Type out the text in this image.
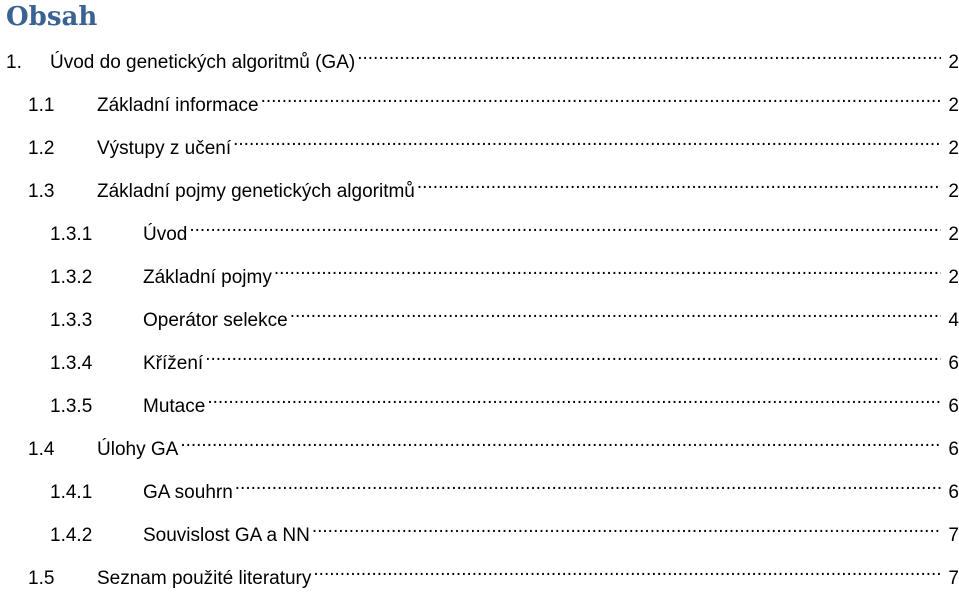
Obsah
1.	Úvod do genetických algoritmů (GA) .....	2
1.1	Základní informace .....	2
1.2	Výstupy z učení .....	2
1.3	Základní pojmy genetických algoritmů .....	2
1.3.1	Úvod .....	2
1.3.2	Základní pojmy .....	2
1.3.3	Operátor selekce .....	4
1.3.4	Křížení .....	6
1.3.5	Mutace .....	6
1.4	Úlohy GA .....	6
1.4.1	GA souhrn .....	6
1.4.2	Souvislost GA a NN .....	7
1.5	Seznam použité literatury .....	7
